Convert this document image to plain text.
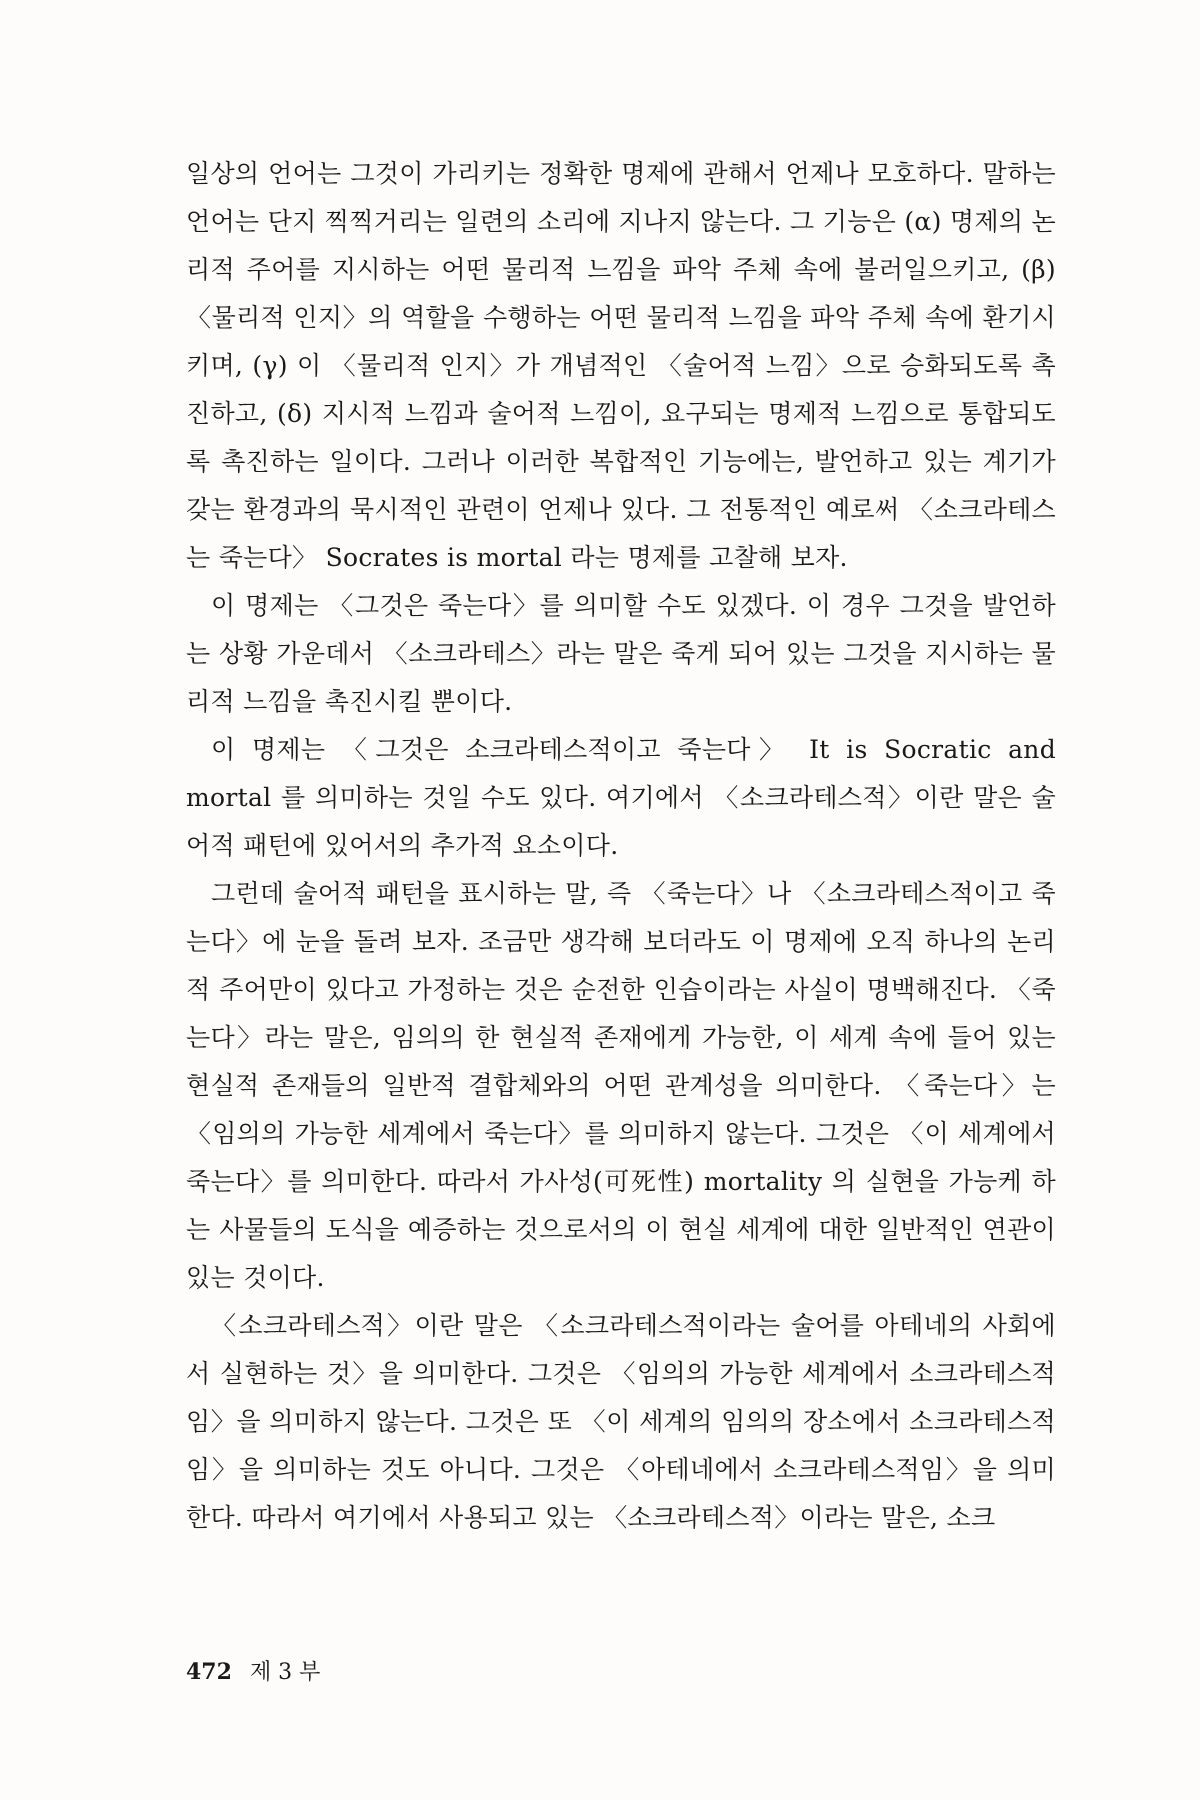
일상의 언어는 그것이 가리키는 정확한 명제에 관해서 언제나 모호하다. 말하는 언어는 단지 찍찍거리는 일련의 소리에 지나지 않는다. 그 기능은 (α) 명제의 논리적 주어를 지시하는 어떤 물리적 느낌을 파악 주체 속에 불러일으키고, (β) 〈물리적 인지〉의 역할을 수행하는 어떤 물리적 느낌을 파악 주체 속에 환기시키며, (γ) 이 〈물리적 인지〉가 개념적인 〈술어적 느낌〉으로 승화되도록 촉진하고, (δ) 지시적 느낌과 술어적 느낌이, 요구되는 명제적 느낌으로 통합되도록 촉진하는 일이다. 그러나 이러한 복합적인 기능에는, 발언하고 있는 계기가 갖는 환경과의 묵시적인 관련이 언제나 있다. 그 전통적인 예로써 〈소크라테스는 죽는다〉 Socrates is mortal 라는 명제를 고찰해 보자.

이 명제는 〈그것은 죽는다〉를 의미할 수도 있겠다. 이 경우 그것을 발언하는 상황 가운데서 〈소크라테스〉라는 말은 죽게 되어 있는 그것을 지시하는 물리적 느낌을 촉진시킬 뿐이다.

이 명제는 〈그것은 소크라테스적이고 죽는다〉 It is Socratic and mortal 를 의미하는 것일 수도 있다. 여기에서 〈소크라테스적〉이란 말은 술어적 패턴에 있어서의 추가적 요소이다.

그런데 술어적 패턴을 표시하는 말, 즉 〈죽는다〉나 〈소크라테스적이고 죽는다〉에 눈을 돌려 보자. 조금만 생각해 보더라도 이 명제에 오직 하나의 논리적 주어만이 있다고 가정하는 것은 순전한 인습이라는 사실이 명백해진다. 〈죽는다〉라는 말은, 임의의 한 현실적 존재에게 가능한, 이 세계 속에 들어 있는 현실적 존재들의 일반적 결합체와의 어떤 관계성을 의미한다. 〈죽는다〉는 〈임의의 가능한 세계에서 죽는다〉를 의미하지 않는다. 그것은 〈이 세계에서 죽는다〉를 의미한다. 따라서 가사성(可死性) mortality 의 실현을 가능케 하는 사물들의 도식을 예증하는 것으로서의 이 현실 세계에 대한 일반적인 연관이 있는 것이다.

〈소크라테스적〉이란 말은 〈소크라테스적이라는 술어를 아테네의 사회에서 실현하는 것〉을 의미한다. 그것은 〈임의의 가능한 세계에서 소크라테스적임〉을 의미하지 않는다. 그것은 또 〈이 세계의 임의의 장소에서 소크라테스적임〉을 의미하는 것도 아니다. 그것은 〈아테네에서 소크라테스적임〉을 의미한다. 따라서 여기에서 사용되고 있는 〈소크라테스적〉이라는 말은, 소크

472 제 3 부
